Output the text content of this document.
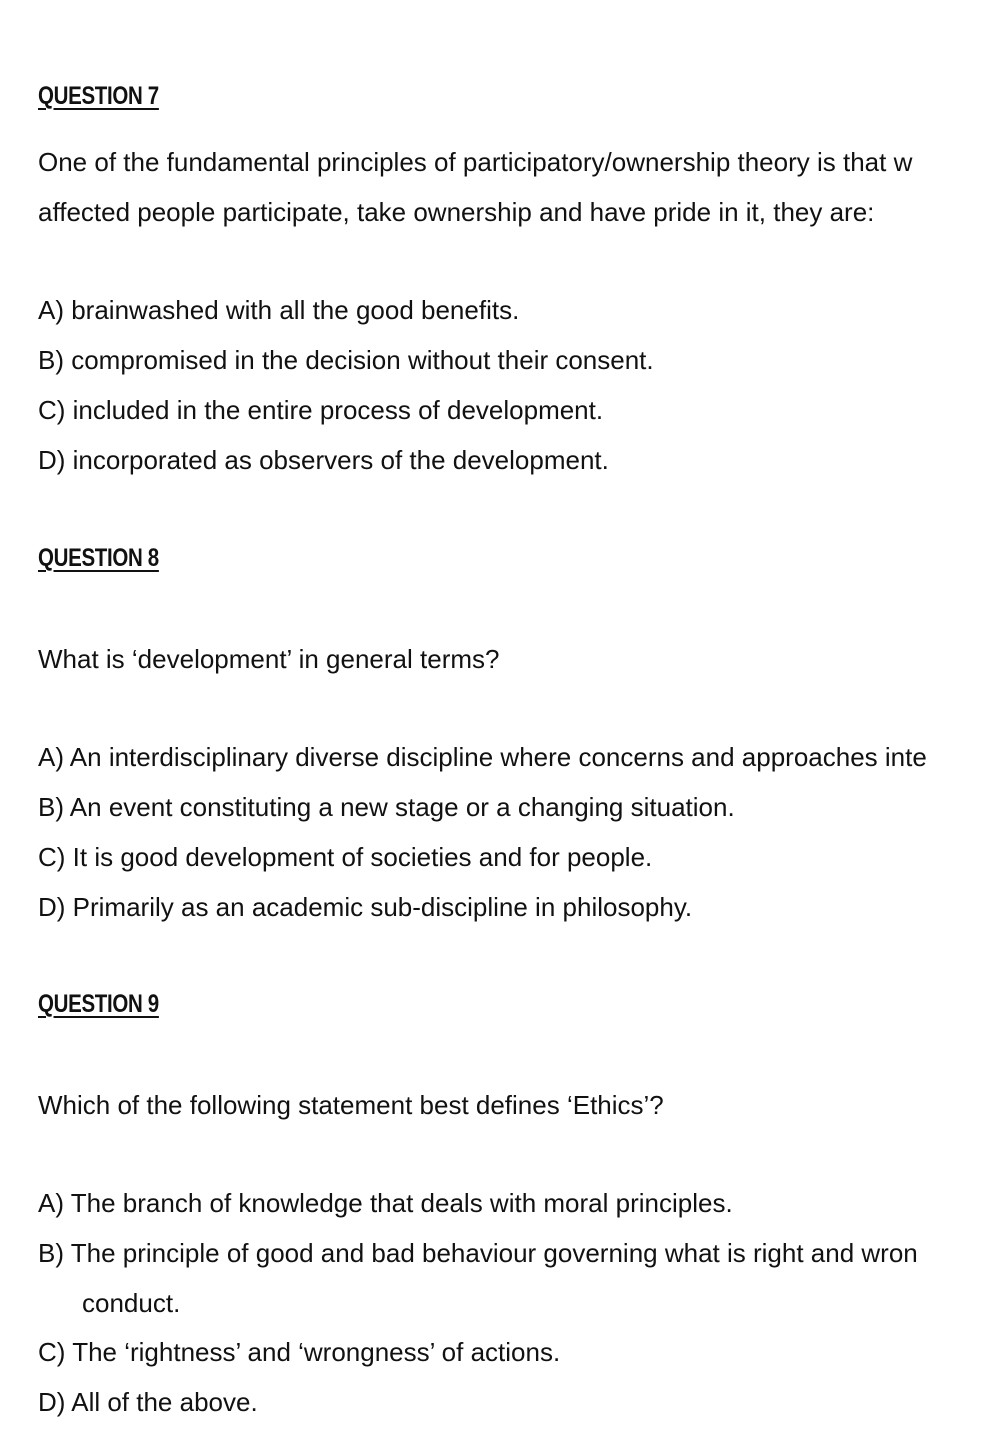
QUESTION 7

One of the fundamental principles of participatory/ownership theory is that w

affected people participate, take ownership and have pride in it, they are:

A) brainwashed with all the good benefits.

B) compromised in the decision without their consent.

C) included in the entire process of development.

D) incorporated as observers of the development.

QUESTION 8

What is ‘development’ in general terms?

A) An interdisciplinary diverse discipline where concerns and approaches inte

B) An event constituting a new stage or a changing situation.

C) It is good development of societies and for people.

D) Primarily as an academic sub-discipline in philosophy.

QUESTION 9

Which of the following statement best defines ‘Ethics’?

A) The branch of knowledge that deals with moral principles.

B) The principle of good and bad behaviour governing what is right and wron

conduct.

C) The ‘rightness’ and ‘wrongness’ of actions.

D) All of the above.
